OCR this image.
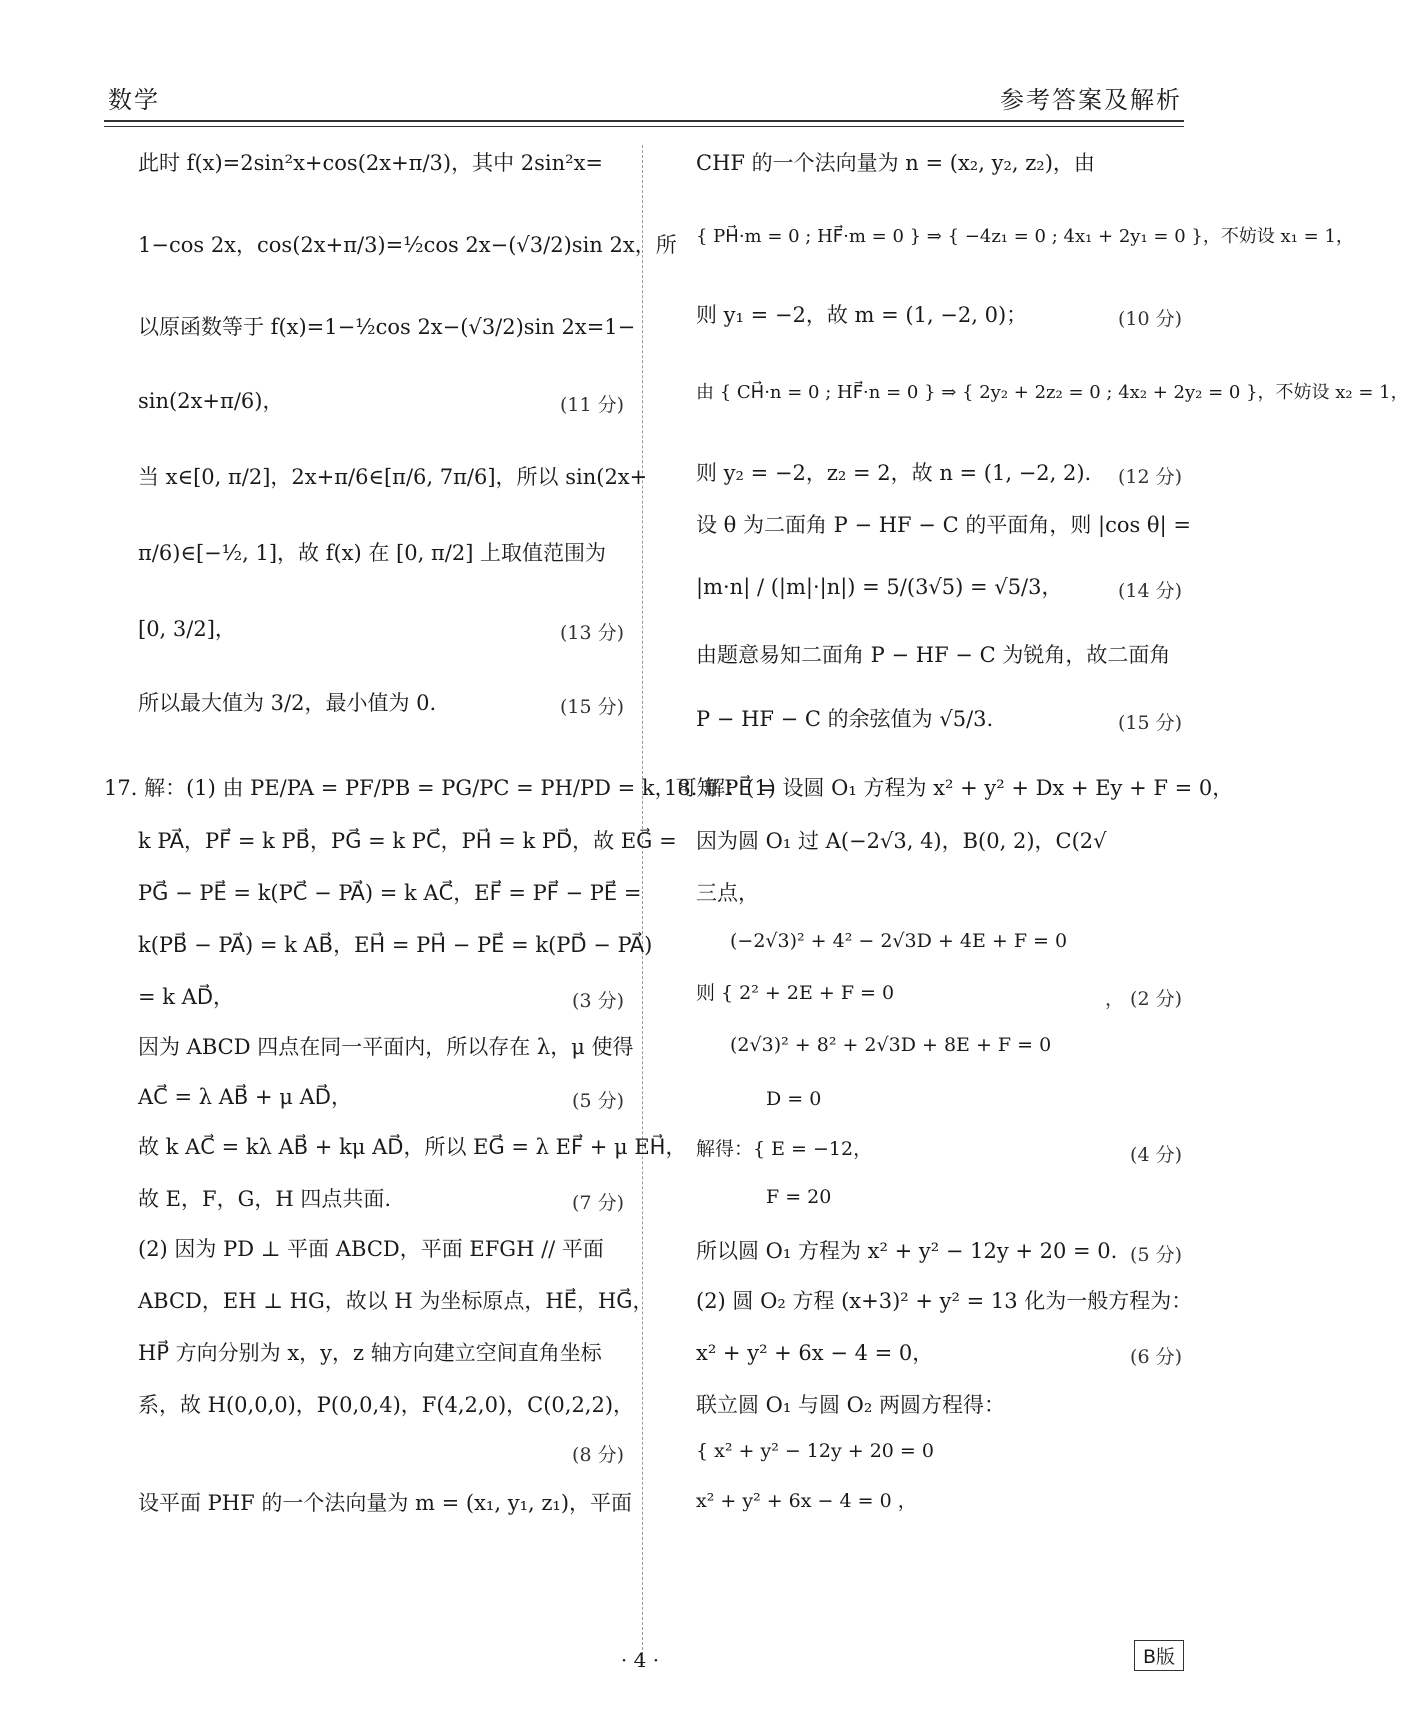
数学	参考答案及解析
此时 f(x)=2sin²x+cos(2x+π/3)，其中 2sin²x=
1−cos 2x，cos(2x+π/3)=½cos 2x−(√3/2)sin 2x，所
以原函数等于 f(x)=1−½cos 2x−(√3/2)sin 2x=1−
sin(2x+π/6)，	(11 分)
当 x∈[0, π/2]，2x+π/6∈[π/6, 7π/6]，所以 sin(2x+
π/6)∈[−½, 1]，故 f(x) 在 [0, π/2] 上取值范围为
[0, 3/2]，	(13 分)
所以最大值为 3/2，最小值为 0.	(15 分)
17. 解：(1) 由 PE/PA = PF/PB = PG/PC = PH/PD = k，可知 PE⃗ =
k PA⃗，PF⃗ = k PB⃗，PG⃗ = k PC⃗，PH⃗ = k PD⃗，故 EG⃗ =
PG⃗ − PE⃗ = k(PC⃗ − PA⃗) = k AC⃗，EF⃗ = PF⃗ − PE⃗ =
k(PB⃗ − PA⃗) = k AB⃗，EH⃗ = PH⃗ − PE⃗ = k(PD⃗ − PA⃗)
= k AD⃗，	(3 分)
因为 ABCD 四点在同一平面内，所以存在 λ，μ 使得
AC⃗ = λ AB⃗ + μ AD⃗，	(5 分)
故 k AC⃗ = kλ AB⃗ + kμ AD⃗，所以 EG⃗ = λ EF⃗ + μ EH⃗，
故 E，F，G，H 四点共面.	(7 分)
(2) 因为 PD ⊥ 平面 ABCD，平面 EFGH // 平面
ABCD，EH ⊥ HG，故以 H 为坐标原点，HE⃗，HG⃗，
HP⃗ 方向分别为 x，y，z 轴方向建立空间直角坐标
系，故 H(0,0,0)，P(0,0,4)，F(4,2,0)，C(0,2,2)，
(8 分)
设平面 PHF 的一个法向量为 m = (x₁, y₁, z₁)，平面
CHF 的一个法向量为 n = (x₂, y₂, z₂)，由
{ PH⃗·m = 0 ; HF⃗·m = 0 } ⇒ { −4z₁ = 0 ; 4x₁ + 2y₁ = 0 }，不妨设 x₁ = 1，
则 y₁ = −2，故 m = (1, −2, 0)；	(10 分)
由 { CH⃗·n = 0 ; HF⃗·n = 0 } ⇒ { 2y₂ + 2z₂ = 0 ; 4x₂ + 2y₂ = 0 }，不妨设 x₂ = 1，
则 y₂ = −2，z₂ = 2，故 n = (1, −2, 2). (12 分)
设 θ 为二面角 P − HF − C 的平面角，则 |cos θ| =
|m·n| / (|m|·|n|) = 5/(3√5) = √5/3，	(14 分)
由题意易知二面角 P − HF − C 为锐角，故二面角
P − HF − C 的余弦值为 √5/3.	(15 分)
18. 解：(1) 设圆 O₁ 方程为 x² + y² + Dx + Ey + F = 0，
因为圆 O₁ 过 A(−2√3, 4)，B(0, 2)，C(2√
三点，
(−2√3)² + 4² − 2√3D + 4E + F = 0
则 { 2² + 2E + F = 0	， (2 分)
(2√3)² + 8² + 2√3D + 8E + F = 0
D = 0
解得：{ E = −12，	(4 分)
F = 20
所以圆 O₁ 方程为 x² + y² − 12y + 20 = 0. (5 分)
(2) 圆 O₂ 方程 (x+3)² + y² = 13 化为一般方程为：
x² + y² + 6x − 4 = 0，	(6 分)
联立圆 O₁ 与圆 O₂ 两圆方程得：
{ x² + y² − 12y + 20 = 0
x² + y² + 6x − 4 = 0 ，
· 4 ·	B版
